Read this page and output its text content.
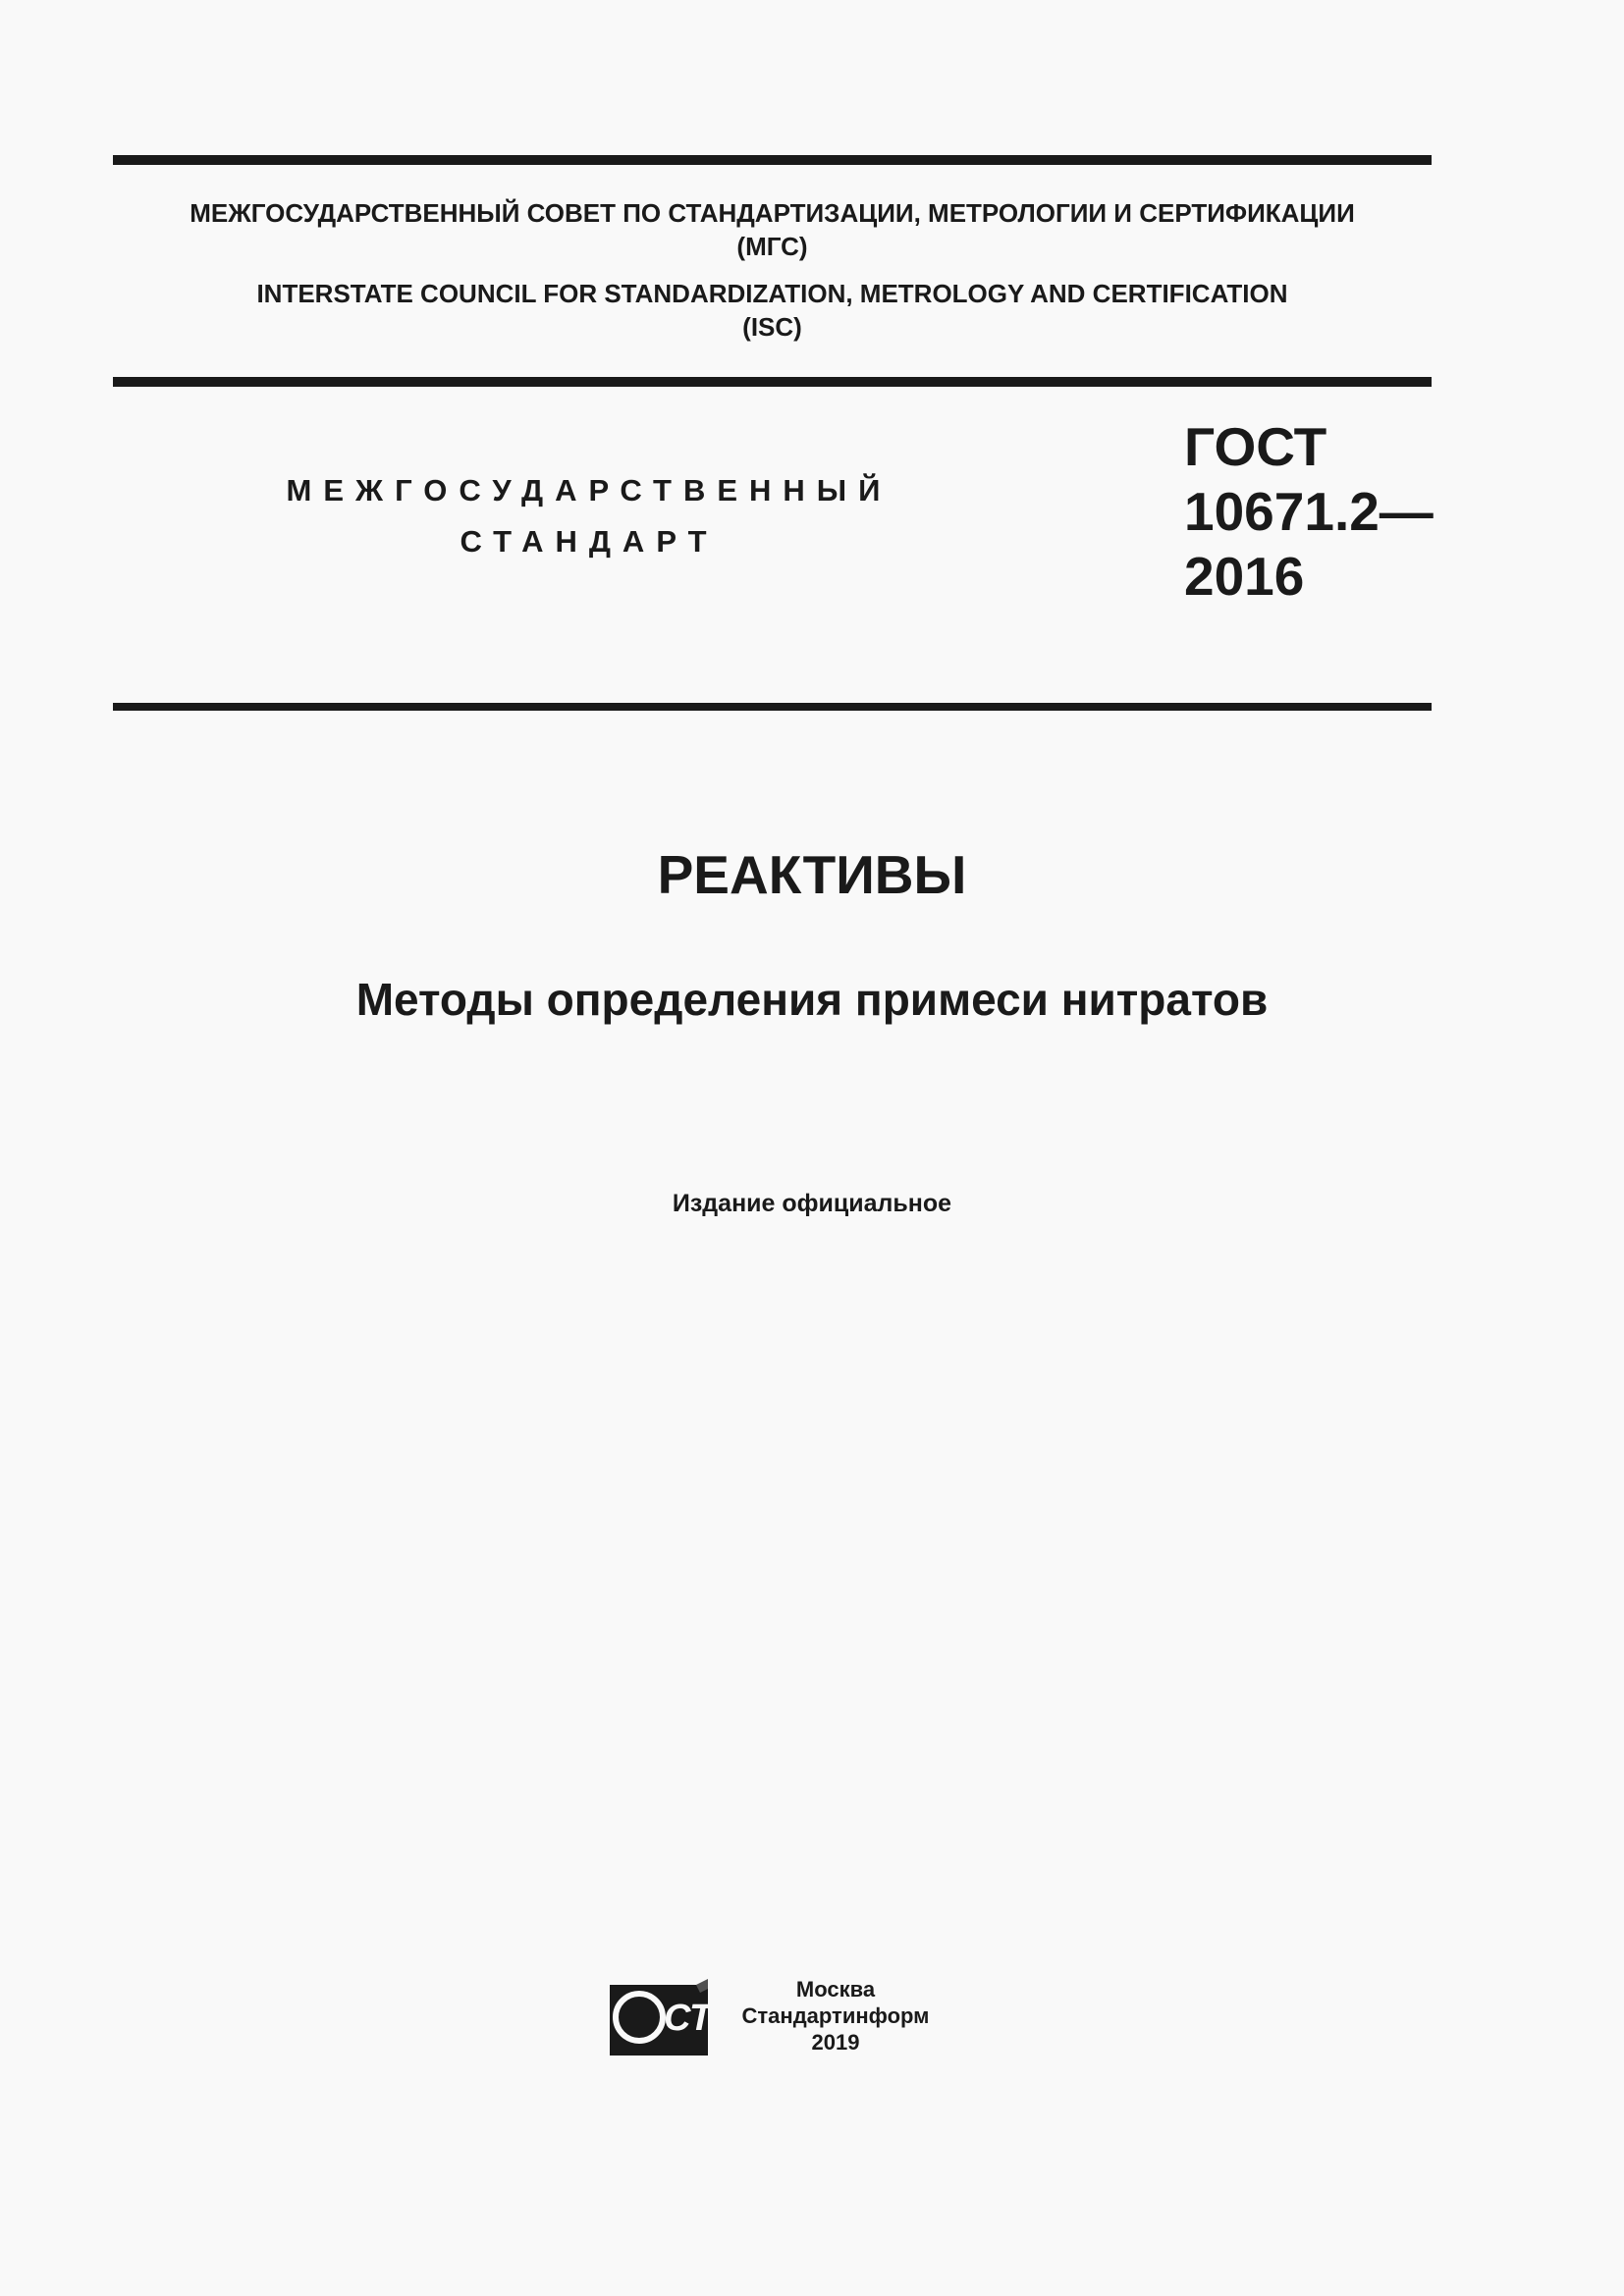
МЕЖГОСУДАРСТВЕННЫЙ СОВЕТ ПО СТАНДАРТИЗАЦИИ, МЕТРОЛОГИИ И СЕРТИФИКАЦИИ
(МГС)
INTERSTATE COUNCIL FOR STANDARDIZATION, METROLOGY AND CERTIFICATION
(ISC)
МЕЖГОСУДАРСТВЕННЫЙ
СТАНДАРТ
ГОСТ
10671.2—
2016
РЕАКТИВЫ
Методы определения примеси нитратов
Издание официальное
СТИ
Москва
Стандартинформ
2019
